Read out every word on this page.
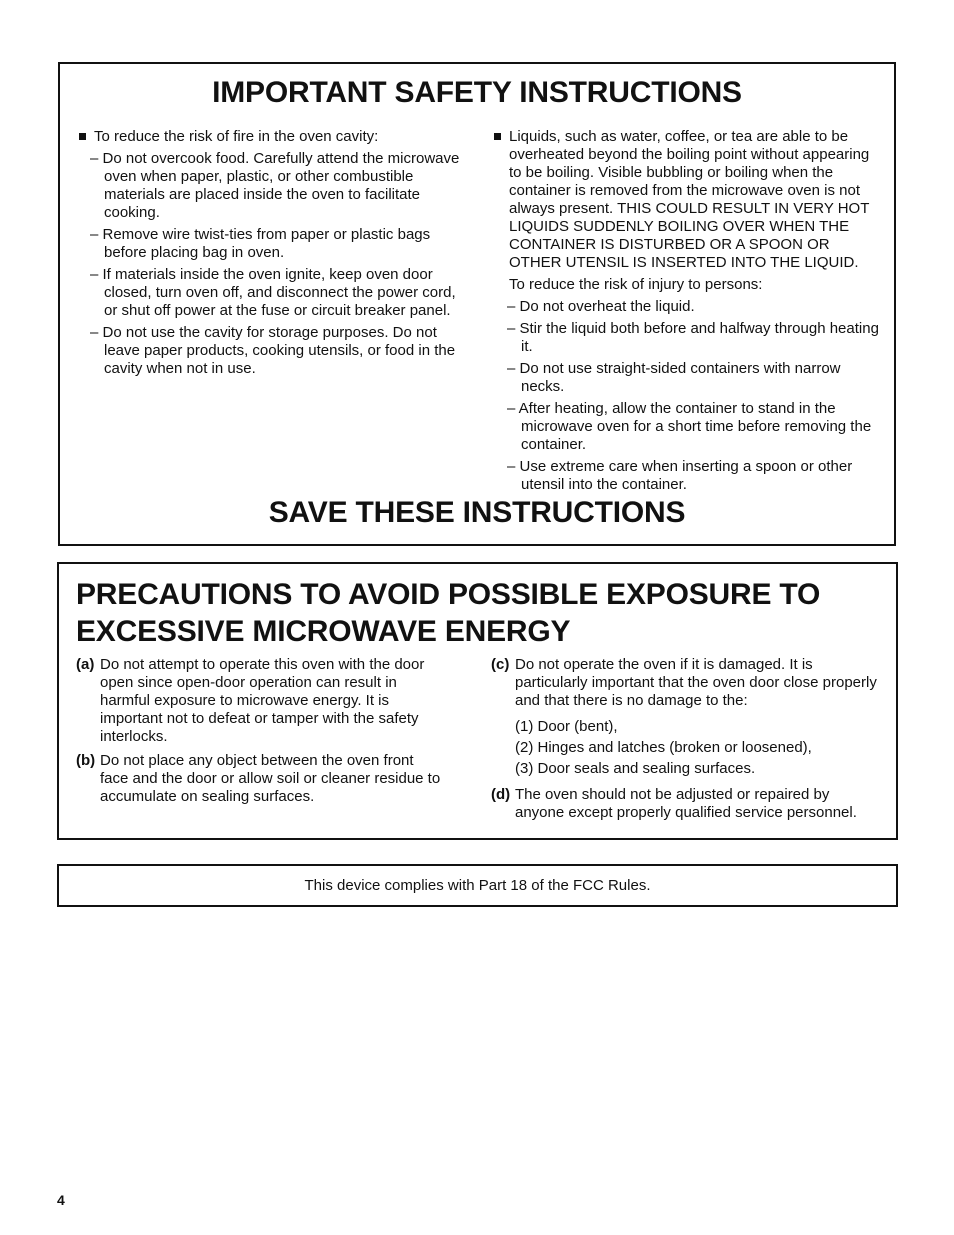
IMPORTANT SAFETY INSTRUCTIONS
To reduce the risk of fire in the oven cavity:
– Do not overcook food. Carefully attend the microwave oven when paper, plastic, or other combustible materials are placed inside the oven to facilitate cooking.
– Remove wire twist-ties from paper or plastic bags before placing bag in oven.
– If materials inside the oven ignite, keep oven door closed, turn oven off, and disconnect the power cord, or shut off power at the fuse or circuit breaker panel.
– Do not use the cavity for storage purposes. Do not leave paper products, cooking utensils, or food in the cavity when not in use.
Liquids, such as water, coffee, or tea are able to be overheated beyond the boiling point without appearing to be boiling. Visible bubbling or boiling when the container is removed from the microwave oven is not always present. THIS COULD RESULT IN VERY HOT LIQUIDS SUDDENLY BOILING OVER WHEN THE CONTAINER IS DISTURBED OR A SPOON OR OTHER UTENSIL IS INSERTED INTO THE LIQUID.
To reduce the risk of injury to persons:
– Do not overheat the liquid.
– Stir the liquid both before and halfway through heating it.
– Do not use straight-sided containers with narrow necks.
– After heating, allow the container to stand in the microwave oven for a short time before removing the container.
– Use extreme care when inserting a spoon or other utensil into the container.
SAVE THESE INSTRUCTIONS
PRECAUTIONS TO AVOID POSSIBLE EXPOSURE TO EXCESSIVE MICROWAVE ENERGY
(a) Do not attempt to operate this oven with the door open since open-door operation can result in harmful exposure to microwave energy. It is important not to defeat or tamper with the safety interlocks.
(b) Do not place any object between the oven front face and the door or allow soil or cleaner residue to accumulate on sealing surfaces.
(c) Do not operate the oven if it is damaged. It is particularly important that the oven door close properly and that there is no damage to the:
(1) Door (bent),
(2) Hinges and latches (broken or loosened),
(3) Door seals and sealing surfaces.
(d) The oven should not be adjusted or repaired by anyone except properly qualified service personnel.
This device complies with Part 18 of the FCC Rules.
4
